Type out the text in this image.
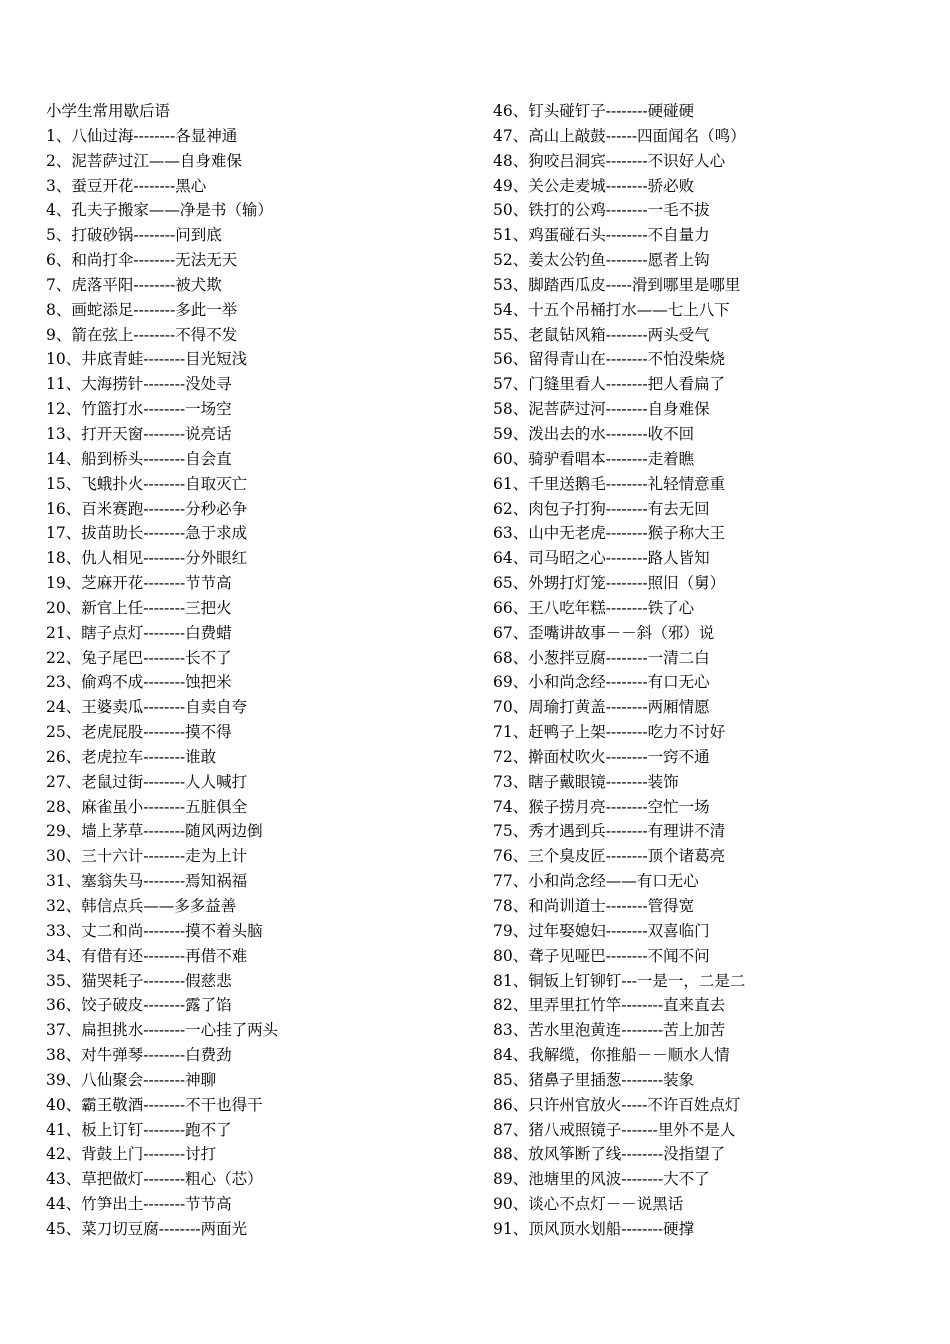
小学生常用歇后语
1、八仙过海--------各显神通
2、泥菩萨过江——自身难保
3、蚕豆开花--------黑心
4、孔夫子搬家——净是书（输）
5、打破砂锅--------问到底
6、和尚打伞--------无法无天
7、虎落平阳--------被犬欺
8、画蛇添足--------多此一举
9、箭在弦上--------不得不发
10、井底青蛙--------目光短浅
11、大海捞针--------没处寻
12、竹篮打水--------一场空
13、打开天窗--------说亮话
14、船到桥头--------自会直
15、飞蛾扑火--------自取灭亡
16、百米赛跑--------分秒必争
17、拔苗助长--------急于求成
18、仇人相见--------分外眼红
19、芝麻开花--------节节高
20、新官上任--------三把火
21、瞎子点灯--------白费蜡
22、兔子尾巴--------长不了
23、偷鸡不成--------蚀把米
24、王婆卖瓜--------自卖自夸
25、老虎屁股--------摸不得
26、老虎拉车--------谁敢
27、老鼠过街--------人人喊打
28、麻雀虽小--------五脏俱全
29、墙上茅草--------随风两边倒
30、三十六计--------走为上计
31、塞翁失马--------焉知祸福
32、韩信点兵——多多益善
33、丈二和尚--------摸不着头脑
34、有借有还--------再借不难
35、猫哭耗子--------假慈悲
36、饺子破皮--------露了馅
37、扁担挑水--------一心挂了两头
38、对牛弹琴--------白费劲
39、八仙聚会--------神聊
40、霸王敬酒--------不干也得干
41、板上订钉--------跑不了
42、背鼓上门--------讨打
43、草把做灯--------粗心（芯）
44、竹笋出土--------节节高
45、菜刀切豆腐--------两面光
46、钉头碰钉子--------硬碰硬
47、高山上敲鼓------四面闻名（鸣）
48、狗咬吕洞宾--------不识好人心
49、关公走麦城--------骄必败
50、铁打的公鸡--------一毛不拔
51、鸡蛋碰石头--------不自量力
52、姜太公钓鱼--------愿者上钩
53、脚踏西瓜皮-----滑到哪里是哪里
54、十五个吊桶打水——七上八下
55、老鼠钻风箱--------两头受气
56、留得青山在--------不怕没柴烧
57、门缝里看人--------把人看扁了
58、泥菩萨过河--------自身难保
59、泼出去的水--------收不回
60、骑驴看唱本--------走着瞧
61、千里送鹅毛--------礼轻情意重
62、肉包子打狗--------有去无回
63、山中无老虎--------猴子称大王
64、司马昭之心--------路人皆知
65、外甥打灯笼--------照旧（舅）
66、王八吃年糕--------铁了心
67、歪嘴讲故事－－斜（邪）说
68、小葱拌豆腐--------一清二白
69、小和尚念经--------有口无心
70、周瑜打黄盖--------两厢情愿
71、赶鸭子上架--------吃力不讨好
72、擀面杖吹火--------一窍不通
73、瞎子戴眼镜--------装饰
74、猴子捞月亮--------空忙一场
75、秀才遇到兵--------有理讲不清
76、三个臭皮匠--------顶个诸葛亮
77、小和尚念经——有口无心
78、和尚训道士--------管得宽
79、过年娶媳妇--------双喜临门
80、聋子见哑巴--------不闻不问
81、铜钣上钉铆钉---一是一，二是二
82、里弄里扛竹竿--------直来直去
83、苦水里泡黄连--------苦上加苦
84、我解缆，你推船－－顺水人情
85、猪鼻子里插葱--------装象
86、只许州官放火-----不许百姓点灯
87、猪八戒照镜子-------里外不是人
88、放风筝断了线--------没指望了
89、池塘里的风波--------大不了
90、谈心不点灯－－说黑话
91、顶风顶水划船--------硬撑
